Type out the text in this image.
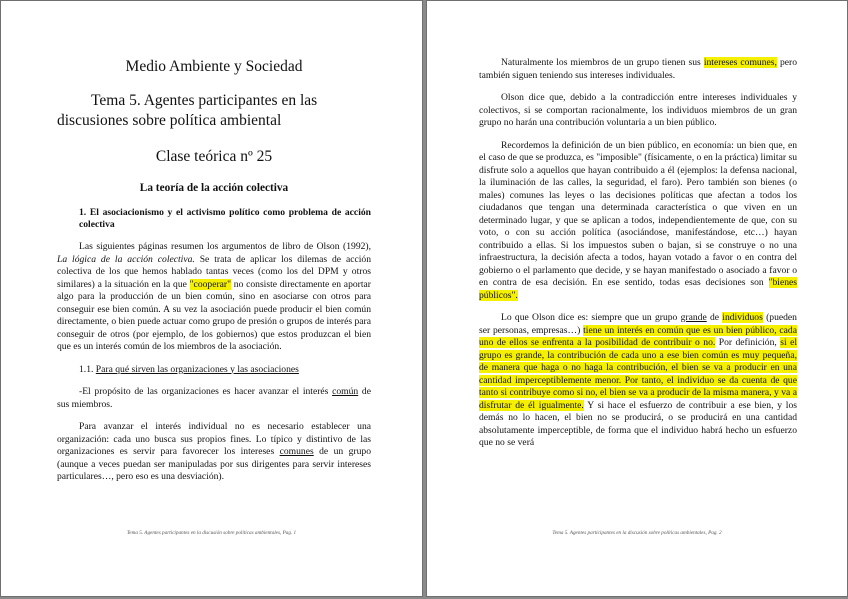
Medio Ambiente y Sociedad
Tema 5. Agentes participantes en las discusiones sobre política ambiental
Clase teórica nº 25
La teoría de la acción colectiva
1. El asociacionismo y el activismo político como problema de acción colectiva

Las siguientes páginas resumen los argumentos de libro de Olson (1992), La lógica de la acción colectiva. Se trata de aplicar los dilemas de acción colectiva de los que hemos hablado tantas veces (como los del DPM y otros similares) a la situación en la que "cooperar" no consiste directamente en aportar algo para la producción de un bien común, sino en asociarse con otros para conseguir ese bien común. A su vez la asociación puede producir el bien común directamente, o bien puede actuar como grupo de presión o grupos de interés para conseguir de otros (por ejemplo, de los gobiernos) que estos produzcan el bien que es un interés común de los miembros de la asociación.

1.1. Para qué sirven las organizaciones y las asociaciones

-El propósito de las organizaciones es hacer avanzar el interés común de sus miembros.

Para avanzar el interés individual no es necesario establecer una organización: cada uno busca sus propios fines. Lo típico y distintivo de las organizaciones es servir para favorecer los intereses comunes de un grupo (aunque a veces puedan ser manipuladas por sus dirigentes para servir intereses particulares…, pero eso es una desviación).

Tema 5. Agentes participantes en la discusión sobre políticas ambientales, Pag. 1

Naturalmente los miembros de un grupo tienen sus intereses comunes, pero también siguen teniendo sus intereses individuales.

Olson dice que, debido a la contradicción entre intereses individuales y colectivos, si se comportan racionalmente, los individuos miembros de un gran grupo no harán una contribución voluntaria a un bien público.

Recordemos la definición de un bien público, en economía: un bien que, en el caso de que se produzca, es "imposible" (físicamente, o en la práctica) limitar su disfrute solo a aquellos que hayan contribuido a él (ejemplos: la defensa nacional, la iluminación de las calles, la seguridad, el faro). Pero también son bienes (o males) comunes las leyes o las decisiones políticas que afectan a todos los ciudadanos que tengan una determinada característica o que viven en un determinado lugar, y que se aplican a todos, independientemente de que, con su voto, o con su acción política (asociándose, manifestándose, etc…) hayan contribuido a ellas. Si los impuestos suben o bajan, si se construye o no una infraestructura, la decisión afecta a todos, hayan votado a favor o en contra del gobierno o el parlamento que decide, y se hayan manifestado o asociado a favor o en contra de esa decisión. En ese sentido, todas esas decisiones son "bienes públicos".

Lo que Olson dice es: siempre que un grupo grande de individuos (pueden ser personas, empresas…) tiene un interés en común que es un bien público, cada uno de ellos se enfrenta a la posibilidad de contribuir o no. Por definición, si el grupo es grande, la contribución de cada uno a ese bien común es muy pequeña, de manera que haga o no haga la contribución, el bien se va a producir en una cantidad imperceptiblemente menor. Por tanto, el individuo se da cuenta de que tanto si contribuye como si no, el bien se va a producir de la misma manera, y va a disfrutar de él igualmente. Y si hace el esfuerzo de contribuir a ese bien, y los demás no lo hacen, el bien no se producirá, o se producirá en una cantidad absolutamente imperceptible, de forma que el individuo habrá hecho un esfuerzo que no se verá

Tema 5. Agentes participantes en la discusión sobre políticas ambientales, Pag. 2
